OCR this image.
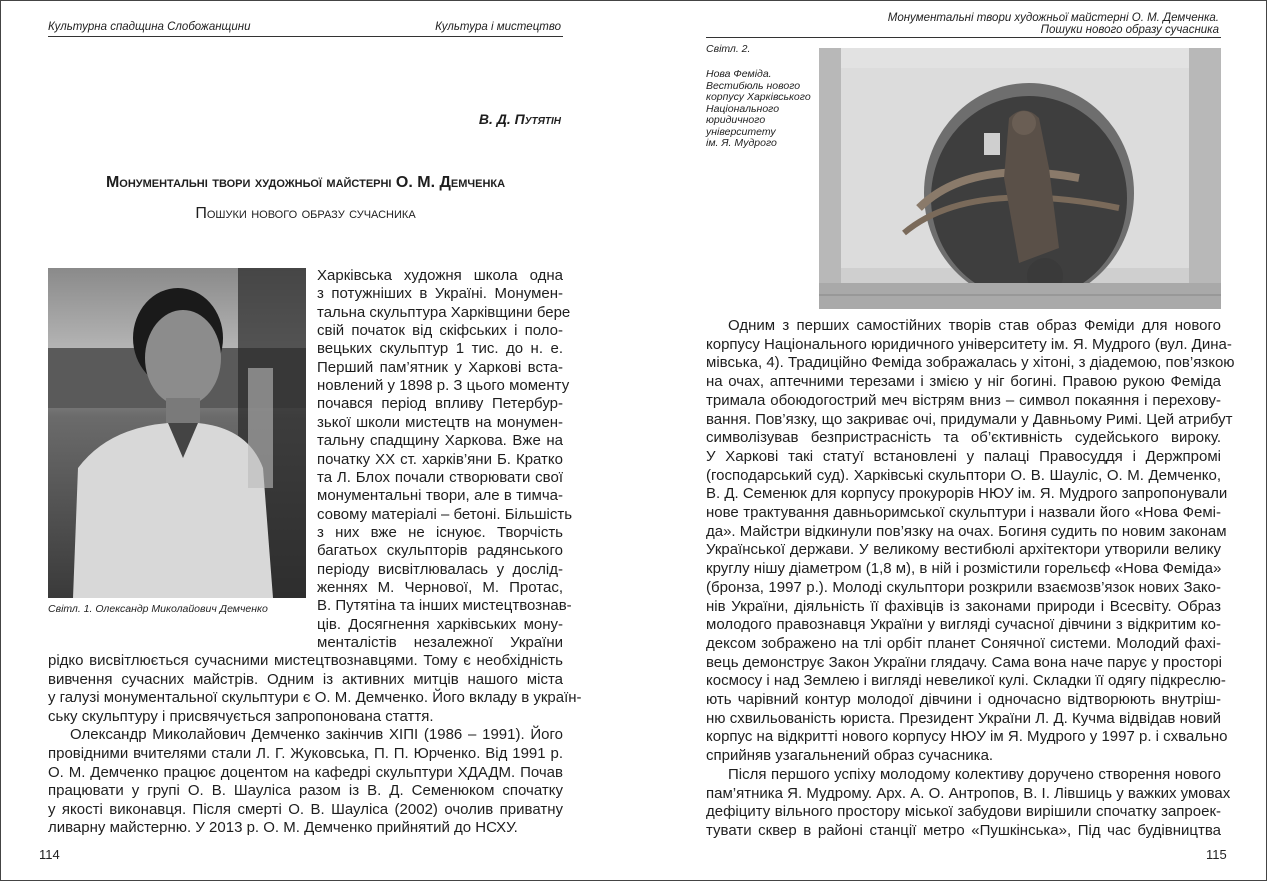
Культурна спадщина Слобожанщини	Культура і мистецтво
В. Д. Путятін
Монументальні твори художньої майстерні О. М. Демченка
Пошуки нового образу сучасника
Світл. 1. Олександр Миколайович Демченко
Харківська художня школа одна
з потужніших в Україні. Монумен-
тальна скульптура Харківщини бере
свій початок від скіфських і поло-
вецьких скульптур 1 тис. до н. е.
Перший пам’ятник у Харкові вста-
новлений у 1898 р. З цього моменту
почався період впливу Петербур-
зької школи мистецтв на монумен-
тальну спадщину Харкова. Вже на
початку XX ст. харків’яни Б. Кратко
та Л. Блох почали створювати свої
монументальні твори, але в тимча-
совому матеріалі – бетоні. Більшість
з них вже не існуює. Творчість
багатьох скульпторів радянського
періоду висвітлювалась у дослід-
женнях М. Чернової, М. Протас,
В. Путятіна та інших мистецтвознав-
ців. Досягнення харківських мону-
менталістів незалежної України
рідко висвітлюється сучасними мистецтвознавцями. Тому є необхідність
вивчення сучасних майстрів. Одним із активних митців нашого міста
у галузі монументальної скульптури є О. М. Демченко. Його вкладу в україн-
ську скульптуру і присвячується запропонована стаття.
Олександр Миколайович Демченко закінчив ХІПІ (1986 – 1991). Його
провідними вчителями стали Л. Г. Жуковська, П. П. Юрченко. Від 1991 р.
О. М. Демченко працює доцентом на кафедрі скульптури ХДАДМ. Почав
працювати у групі О. В. Шауліса разом із В. Д. Семенюком спочатку
у якості виконавця. Після смерті О. В. Шауліса (2002) очолив приватну
ливарну майстерню. У 2013 р. О. М. Демченко прийнятий до НСХУ.
114
Монументальні твори художньої майстерні О. М. Демченка.
Пошуки нового образу сучасника
Світл. 2.
Нова Феміда.
Вестибюль нового
корпусу Харківського
Національного
юридичного
університету
ім. Я. Мудрого
Одним з перших самостійних творів став образ Феміди для нового
корпусу Національного юридичного університету ім. Я. Мудрого (вул. Дина-
мівська, 4). Традиційно Феміда зображалась у хітоні, з діадемою, пов’язкою
на очах, аптечними терезами і змією у ніг богині. Правою рукою Феміда
тримала обоюдогострий меч вістрям вниз – символ покаяння і перехову-
вання. Пов’язку, що закриває очі, придумали у Давньому Римі. Цей атрибут
символізував безпристрасність та об’єктивність судейського вироку.
У Харкові такі статуї встановлені у палаці Правосуддя і Держпромі
(господарський суд). Харківські скульптори О. В. Шауліс, О. М. Демченко,
В. Д. Семенюк для корпусу прокурорів НЮУ ім. Я. Мудрого запропонували
нове трактування давньоримської скульптури і назвали його «Нова Фемі-
да». Майстри відкинули пов’язку на очах. Богиня судить по новим законам
Української держави. У великому вестибюлі архітектори утворили велику
круглу нішу діаметром (1,8 м), в ній і розмістили горельєф «Нова Феміда»
(бронза, 1997 р.). Молоді скульптори розкрили взаємозв’язок нових Зако-
нів України, діяльність її фахівців із законами природи і Всесвіту. Образ
молодого правознавця України у вигляді сучасної дівчини з відкритим ко-
дексом зображено на тлі орбіт планет Сонячної системи. Молодий фахі-
вець демонструє Закон України глядачу. Сама вона наче парує у просторі
космосу і над Землею і вигляді невеликої кулі. Складки її одягу підкреслю-
ють чарівний контур молодої дівчини і одночасно відтворюють внутріш-
ню схвильованість юриста. Президент України Л. Д. Кучма відвідав новий
корпус на відкритті нового корпусу НЮУ ім Я. Мудрого у 1997 р. і схвально
сприйняв узагальнений образ сучасника.
Після першого успіху молодому колективу доручено створення нового
пам’ятника Я. Мудрому. Арх. А. О. Антропов, В. І. Лівшиць у важких умовах
дефіциту вільного простору міської забудови вирішили спочатку запроек-
тувати сквер в районі станції метро «Пушкінська», Під час будівництва
115
